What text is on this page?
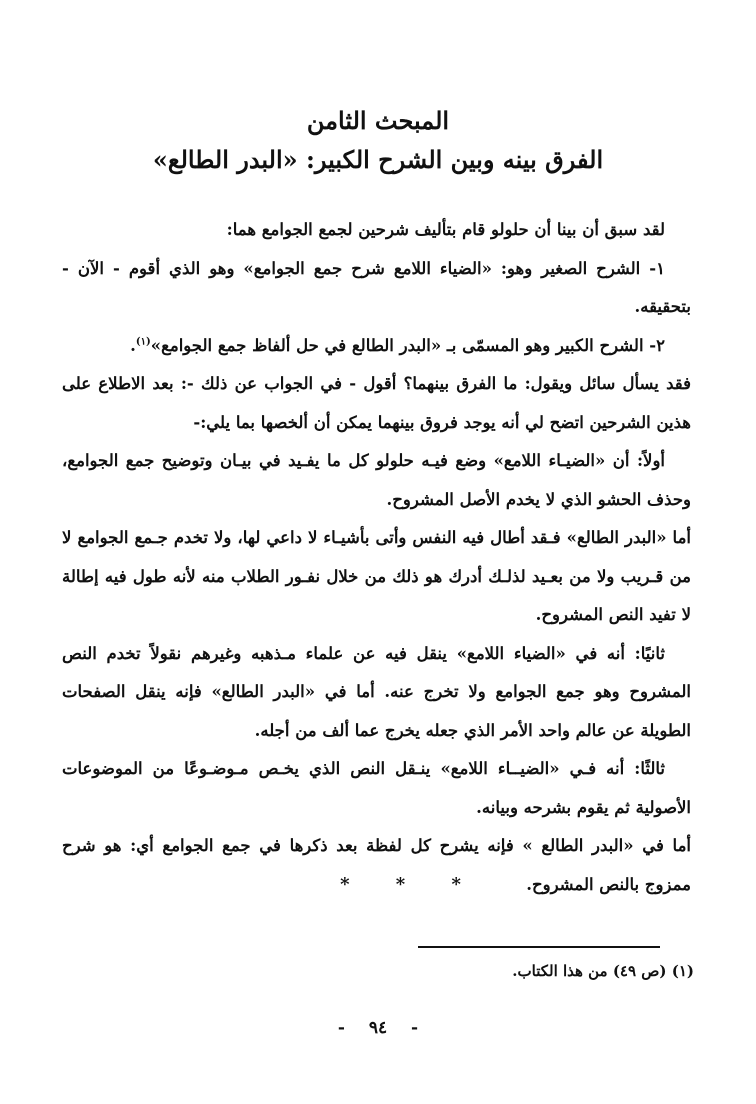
المبحث الثامن
الفرق بينه وبين الشرح الكبير: «البدر الطالع»

لقد سبق أن بينا أن حلولو قام بتأليف شرحين لجمع الجوامع هما:

١- الشرح الصغير وهو: «الضياء اللامع شرح جمع الجوامع» وهو الذي أقوم - الآن - بتحقيقه.

٢- الشرح الكبير وهو المسمّى بـ «البدر الطالع في حل ألفاظ جمع الجوامع»$^{(١)}$.

فقد يسأل سائل ويقول: ما الفرق بينهما؟ أقول - في الجواب عن ذلك -: بعد الاطلاع على هذين الشرحين اتضح لي أنه يوجد فروق بينهما يمكن أن ألخصها بما يلي:-

أولاً: أن «الضيـاء اللامع» وضع فيـه حلولو كل ما يفـيد في بيـان وتوضيح جمع الجوامع، وحذف الحشو الذي لا يخدم الأصل المشروح.

أما «البدر الطالع» فـقد أطال فيه النفس وأتى بأشيـاء لا داعي لها، ولا تخدم جـمع الجوامع لا من قـريب ولا من بعـيد لذلـك أدرك هو ذلك من خلال نفـور الطلاب منه لأنه طول فيه إطالة لا تفيد النص المشروح.

ثانيًا: أنه في «الضياء اللامع» ينقل فيه عن علماء مـذهبه وغيرهم نقولاً تخدم النص المشروح وهو جمع الجوامع ولا تخرج عنه. أما في «البدر الطالع» فإنه ينقل الصفحات الطويلة عن عالم واحد الأمر الذي جعله يخرج عما ألف من أجله.

ثالثًا: أنه فـي «الضيــاء اللامع» ينـقل النص الذي يخـص مـوضـوعًا من الموضوعات الأصولية ثم يقوم بشرحه وبيانه.

أما في «البدر الطالع » فإنه يشرح كل لفظة بعد ذكرها في جمع الجوامع أي: هو شرح ممزوج بالنص المشروح.

* * *
(١) (ص ٤٩) من هذا الكتاب.
- ٩٤ -
